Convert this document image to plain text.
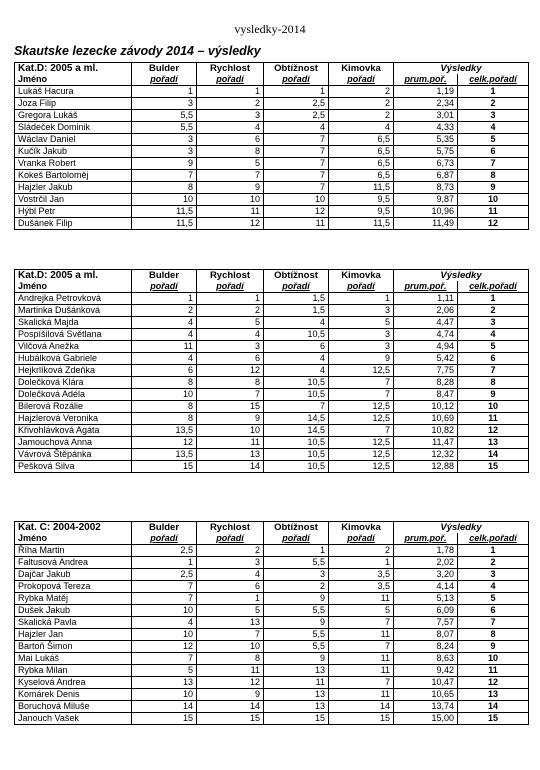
vysledky-2014
Skautske lezecke závody 2014 – výsledky
Kat.D: 2005 a ml.	Bulder	Rychlost	Obtížnost	Kimovka	Výsledky	
Jméno	pořadí	pořadí	pořadí	pořadí	prum.poř.	celk.pořadí
Lukáš Hacura	1	1	1	2	1,19	1
Joza Filip	3	2	2,5	2	2,34	2
Gregora Lukáš	5,5	3	2,5	2	3,01	3
Sládeček Dominik	5,5	4	4	4	4,33	4
Wáclav Daniel	3	6	7	6,5	5,35	5
Kučík Jakub	3	8	7	6,5	5,75	6
Vranka Robert	9	5	7	6,5	6,73	7
Kokeš Bartoloměj	7	7	7	6,5	6,87	8
Hajzler Jakub	8	9	7	11,5	8,73	9
Vostrčil Jan	10	10	10	9,5	9,87	10
Hýbl Petr	11,5	11	12	9,5	10,96	11
Dušánek Filip	11,5	12	11	11,5	11,49	12
Kat.D: 2005 a ml.	Bulder	Rychlost	Obtížnost	Kimovka	Výsledky	
Jméno	pořadí	pořadí	pořadí	pořadí	prum.poř.	celk.pořadí
Andrejka Petrovková	1	1	1,5	1	1,11	1
Martinka Dušánková	2	2	1,5	3	2,06	2
Skalická Majda	4	5	4	5	4,47	3
Pospíšilová Světlana	4	4	10,5	3	4,74	4
Vilčová Anežka	11	3	6	3	4,94	5
Hubálková Gabriele	4	6	4	9	5,42	6
Hejkrlíková Zdeňka	6	12	4	12,5	7,75	7
Dolečková Klára	8	8	10,5	7	8,28	8
Dolečková Adéla	10	7	10,5	7	8,47	9
Bilerová Rozálie	8	15	7	12,5	10,12	10
Hajzlerová Veronika	8	9	14,5	12,5	10,69	11
Křivohlávková Agáta	13,5	10	14,5	7	10,82	12
Jamouchová Anna	12	11	10,5	12,5	11,47	13
Vávrová Štěpánka	13,5	13	10,5	12,5	12,32	14
Pešková Silva	15	14	10,5	12,5	12,88	15
Kat. C: 2004-2002	Bulder	Rychlost	Obtížnost	Kimovka	Výsledky	
Jméno	pořadí	pořadí	pořadí	pořadí	prum.poř.	celk.pořadí
Říha Martin	2,5	2	1	2	1,78	1
Faltusová Andrea	1	3	5,5	1	2,02	2
Dajčar Jakub	2,5	4	3	3,5	3,20	3
Prokopová Tereza	7	6	2	3,5	4,14	4
Rybka Matěj	7	1	9	11	5,13	5
Dušek Jakub	10	5	5,5	5	6,09	6
Skalická Pavla	4	13	9	7	7,57	7
Hajzler Jan	10	7	5,5	11	8,07	8
Bartoň Šimon	12	10	5,5	7	8,24	9
Mai Lukáš	7	8	9	11	8,63	10
Rybka Milan	5	11	13	11	9,42	11
Kyselová Andrea	13	12	11	7	10,47	12
Komárek Denis	10	9	13	11	10,65	13
Boruchová Miluše	14	14	13	14	13,74	14
Janouch Vašek	15	15	15	15	15,00	15
